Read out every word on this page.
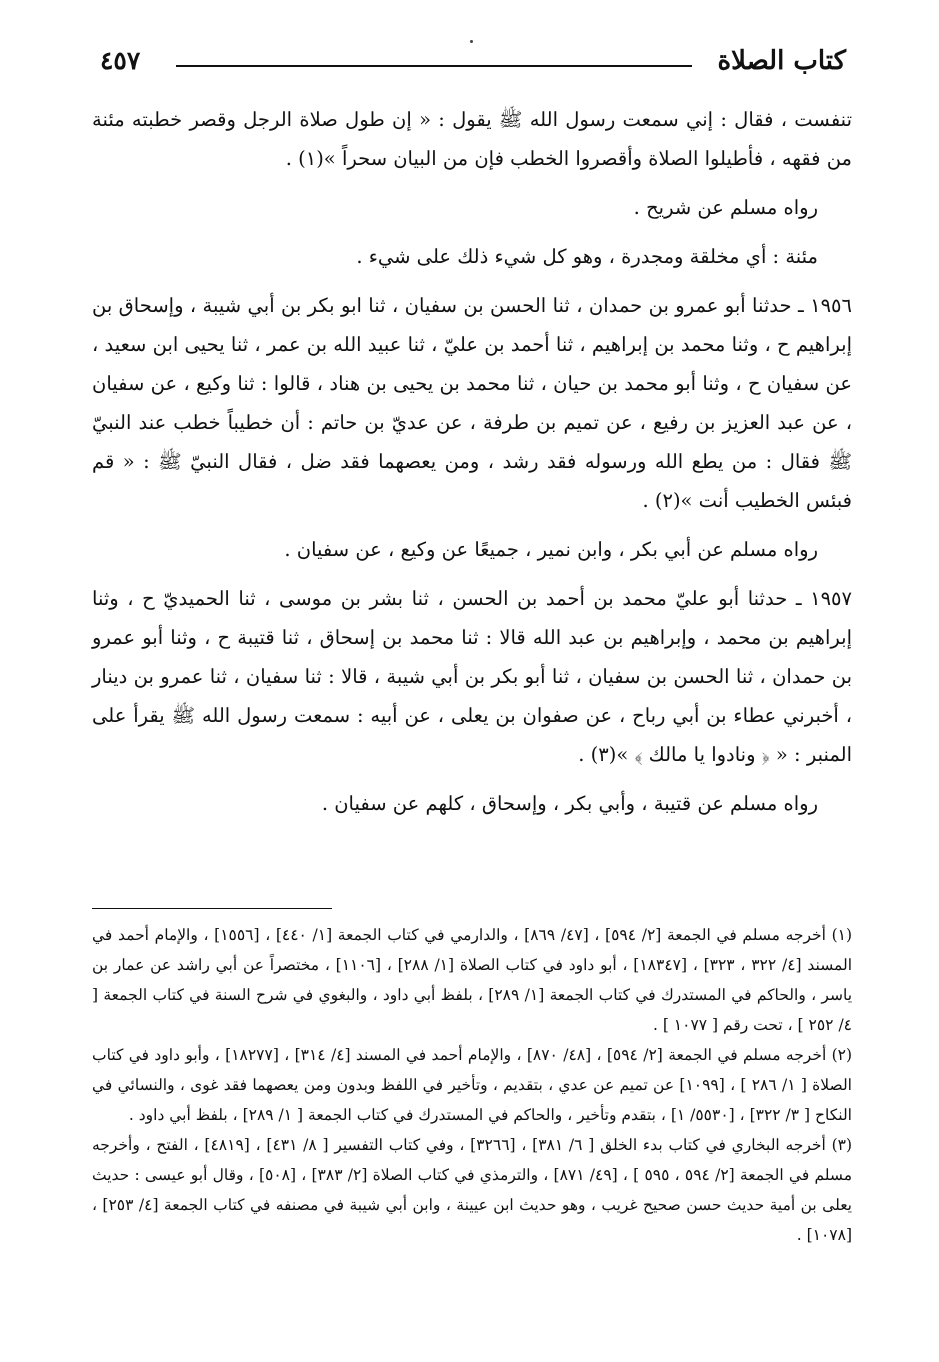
كتاب الصلاة
٤٥٧

تنفست ، فقال : إني سمعت رسول الله ﷺ يقول : « إن طول صلاة الرجل وقصر خطبته مئنة من فقهه ، فأطيلوا الصلاة وأقصروا الخطب فإن من البيان سحراً »(١) .

رواه مسلم عن شريح .

مئنة : أي مخلقة ومجدرة ، وهو كل شيء ذلك على شيء .

١٩٥٦ ـ حدثنا أبو عمرو بن حمدان ، ثنا الحسن بن سفيان ، ثنا ابو بكر بن أبي شيبة ، وإسحاق بن إبراهيم ح ، وثنا محمد بن إبراهيم ، ثنا أحمد بن عليّ ، ثنا عبيد الله بن عمر ، ثنا يحيى ابن سعيد ، عن سفيان ح ، وثنا أبو محمد بن حيان ، ثنا محمد بن يحيى بن هناد ، قالوا : ثنا وكيع ، عن سفيان ، عن عبد العزيز بن رفيع ، عن تميم بن طرفة ، عن عديّ بن حاتم : أن خطيباً خطب عند النبيّ ﷺ فقال : من يطع الله ورسوله فقد رشد ، ومن يعصهما فقد ضل ، فقال النبيّ ﷺ : « قم فبئس الخطيب أنت »(٢) .

رواه مسلم عن أبي بكر ، وابن نمير ، جميعًا عن وكيع ، عن سفيان .

١٩٥٧ ـ حدثنا أبو عليّ محمد بن أحمد بن الحسن ، ثنا بشر بن موسى ، ثنا الحميديّ ح ، وثنا إبراهيم بن محمد ، وإبراهيم بن عبد الله قالا : ثنا محمد بن إسحاق ، ثنا قتيبة ح ، وثنا أبو عمرو بن حمدان ، ثنا الحسن بن سفيان ، ثنا أبو بكر بن أبي شيبة ، قالا : ثنا سفيان ، ثنا عمرو بن دينار ، أخبرني عطاء بن أبي رباح ، عن صفوان بن يعلى ، عن أبيه : سمعت رسول الله ﷺ يقرأ على المنبر : « ﴿ ونادوا يا مالك ﴾ »(٣) .

رواه مسلم عن قتيبة ، وأبي بكر ، وإسحاق ، كلهم عن سفيان .

(١) أخرجه مسلم في الجمعة [٢/ ٥٩٤] ، [٤٧/ ٨٦٩] ، والدارمي في كتاب الجمعة [١/ ٤٤٠] ، [١٥٥٦] ، والإمام أحمد في المسند [٤/ ٣٢٢ ، ٣٢٣] ، [١٨٣٤٧] ، أبو داود في كتاب الصلاة [١/ ٢٨٨] ، [١١٠٦] ، مختصراً عن أبي راشد عن عمار بن ياسر ، والحاكم في المستدرك في كتاب الجمعة [١/ ٢٨٩] ، بلفظ أبي داود ، والبغوي في شرح السنة في كتاب الجمعة [ ٤/ ٢٥٢ ] ، تحت رقم [ ١٠٧٧ ] .

(٢) أخرجه مسلم في الجمعة [٢/ ٥٩٤] ، [٤٨/ ٨٧٠] ، والإمام أحمد في المسند [٤/ ٣١٤] ، [١٨٢٧٧] ، وأبو داود في كتاب الصلاة [ ١/ ٢٨٦ ] ، [١٠٩٩] عن تميم عن عدي ، بتقديم ، وتأخير في اللفظ وبدون ومن يعصهما فقد غوى ، والنسائي في النكاح [ ٣/ ٣٢٢] ، [٥٥٣٠/ ١] ، بتقدم وتأخير ، والحاكم في المستدرك في كتاب الجمعة [ ١/ ٢٨٩] ، بلفظ أبي داود .

(٣) أخرجه البخاري في كتاب بدء الخلق [ ٦/ ٣٨١] ، [٣٢٦٦] ، وفي كتاب التفسير [ ٨/ ٤٣١] ، [٤٨١٩] ، الفتح ، وأخرجه مسلم في الجمعة [٢/ ٥٩٤ ، ٥٩٥ ] ، [٤٩/ ٨٧١] ، والترمذي في كتاب الصلاة [٢/ ٣٨٣] ، [٥٠٨] ، وقال أبو عيسى : حديث يعلى بن أمية حديث حسن صحيح غريب ، وهو حديث ابن عيينة ، وابن أبي شيبة في مصنفه في كتاب الجمعة [٤/ ٢٥٣] ، [١٠٧٨] .
